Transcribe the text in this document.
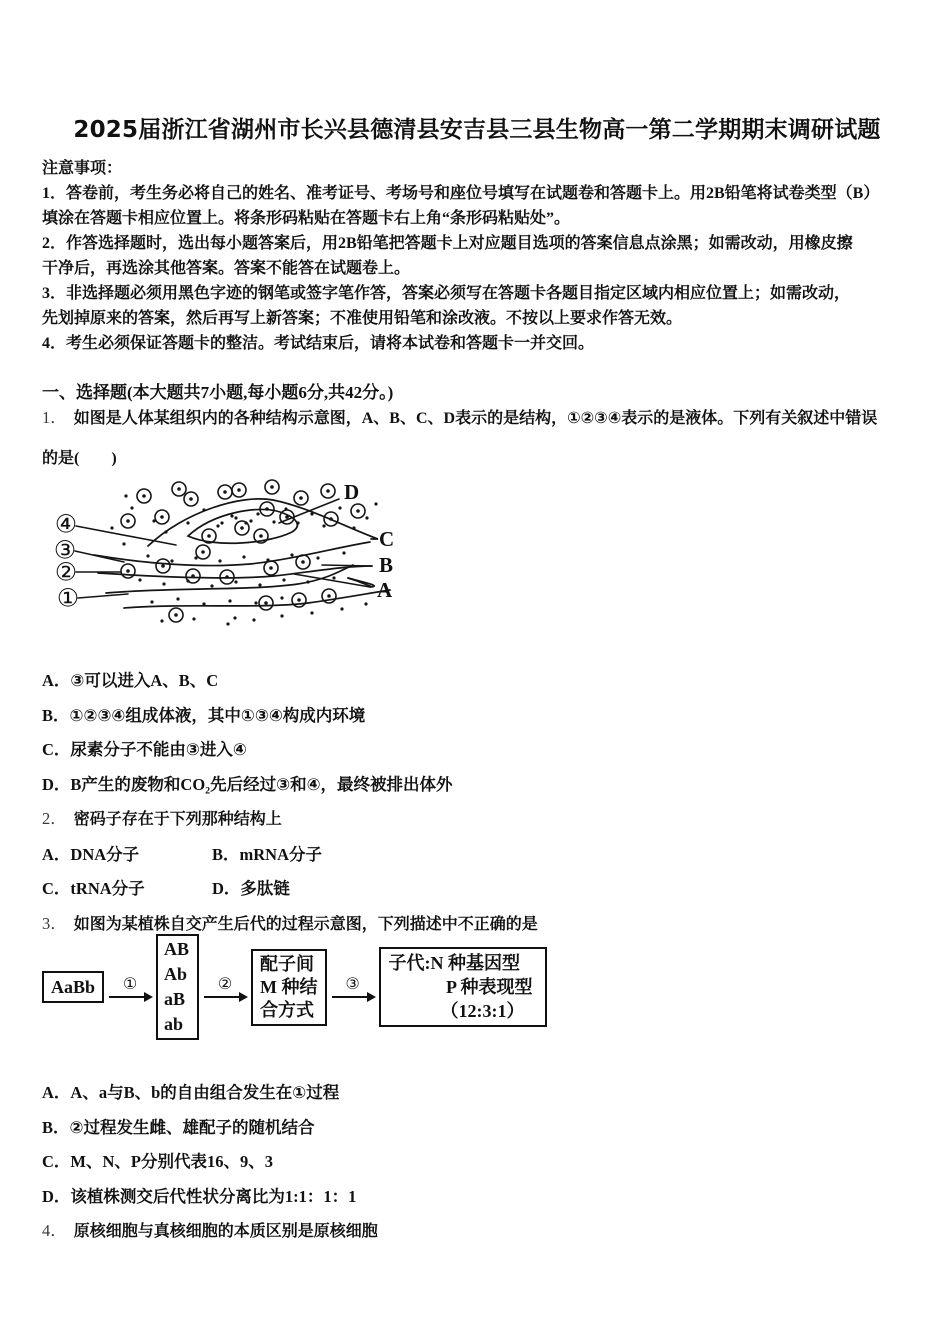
2025届浙江省湖州市长兴县德清县安吉县三县生物高一第二学期期末调研试题
注意事项：
1．答卷前，考生务必将自己的姓名、准考证号、考场号和座位号填写在试题卷和答题卡上。用2B铅笔将试卷类型（B）
填涂在答题卡相应位置上。将条形码粘贴在答题卡右上角“条形码粘贴处”。
2．作答选择题时，选出每小题答案后，用2B铅笔把答题卡上对应题目选项的答案信息点涂黑；如需改动，用橡皮擦
干净后，再选涂其他答案。答案不能答在试题卷上。
3．非选择题必须用黑色字迹的钢笔或签字笔作答，答案必须写在答题卡各题目指定区域内相应位置上；如需改动，
先划掉原来的答案，然后再写上新答案；不准使用铅笔和涂改液。不按以上要求作答无效。
4．考生必须保证答题卡的整洁。考试结束后，请将本试卷和答题卡一并交回。
一、选择题(本大题共7小题,每小题6分,共42分。)
1． 如图是人体某组织内的各种结构示意图，A、B、C、D表示的是结构，①②③④表示的是液体。下列有关叙述中错误
的是(　　)
④
③
②
①
D
C
B
A
A．③可以进入A、B、C
B．①②③④组成体液，其中①③④构成内环境
C．尿素分子不能由③进入④
D．B产生的废物和CO₂先后经过③和④，最终被排出体外
2． 密码子存在于下列那种结构上
A．DNA分子	B．mRNA分子
C．tRNA分子	D．多肽链
3． 如图为某植株自交产生后代的过程示意图，下列描述中不正确的是
AaBb	①
AB
Ab
aB
ab
②
配子间
M 种结
合方式
③
子代:N 种基因型
P 种表现型
（12:3:1）
A．A、a与B、b的自由组合发生在①过程
B．②过程发生雌、雄配子的随机结合
C．M、N、P分别代表16、9、3
D．该植株测交后代性状分离比为1:1：1：1
4． 原核细胞与真核细胞的本质区别是原核细胞
